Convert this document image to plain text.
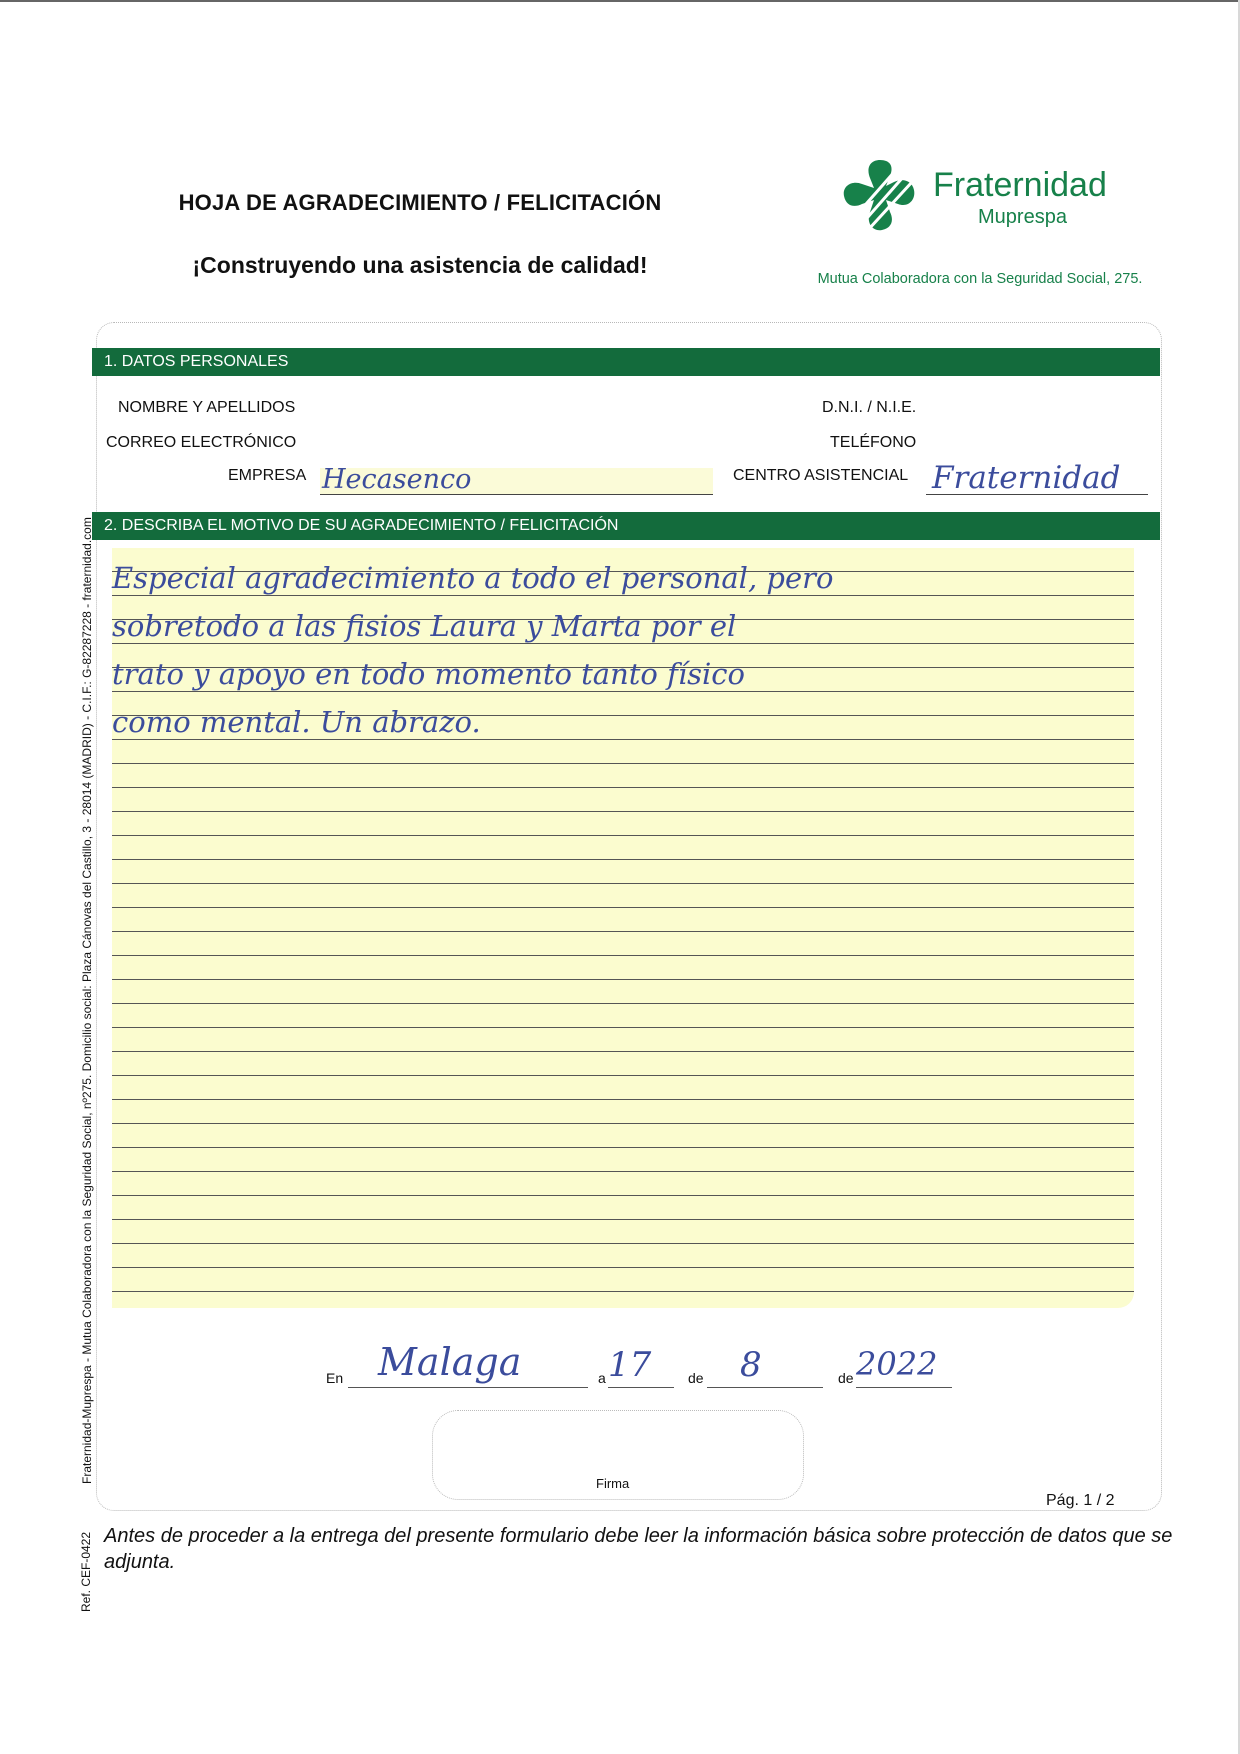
HOJA DE AGRADECIMIENTO / FELICITACIÓN
¡Construyendo una asistencia de calidad!
Fraternidad
Muprespa
Mutua Colaboradora con la Seguridad Social, 275.
1. DATOS PERSONALES
NOMBRE Y APELLIDOS	D.N.I. / N.I.E.
CORREO ELECTRÓNICO	TELÉFONO
EMPRESA Hecasenco	CENTRO ASISTENCIAL Fraternidad
2. DESCRIBA EL MOTIVO DE SU AGRADECIMIENTO / FELICITACIÓN
Especial agradecimiento a todo el personal, pero
sobretodo a las fisios Laura y Marta por el
trato y apoyo en todo momento tanto físico
como mental. Un abrazo.
En Malaga	a 17	de 8	de 2022
Firma
Pág. 1 / 2
Antes de proceder a la entrega del presente formulario debe leer la información básica sobre protección de datos que se adjunta.
Fraternidad-Muprespa - Mutua Colaboradora con la Seguridad Social, nº275. Domicilio social: Plaza Cánovas del Castillo, 3 - 28014 (MADRID) - C.I.F.: G-82287228 - fraternidad.com
Ref. CEF-0422
